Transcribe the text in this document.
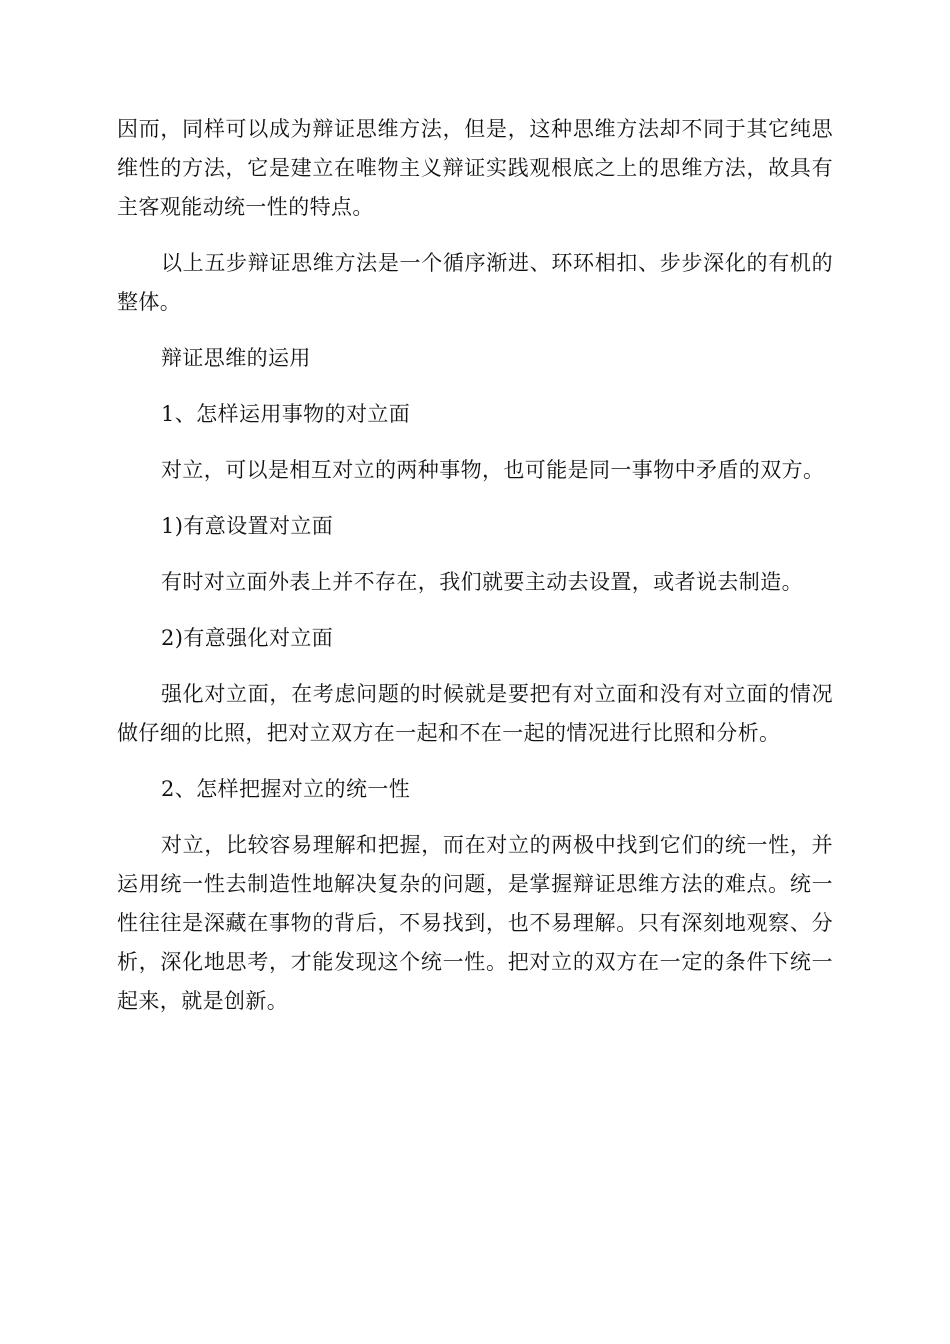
因而，同样可以成为辩证思维方法，但是，这种思维方法却不同于其它纯思维性的方法，它是建立在唯物主义辩证实践观根底之上的思维方法，故具有主客观能动统一性的特点。

以上五步辩证思维方法是一个循序渐进、环环相扣、步步深化的有机的整体。

辩证思维的运用

1、怎样运用事物的对立面

对立，可以是相互对立的两种事物，也可能是同一事物中矛盾的双方。

1)有意设置对立面

有时对立面外表上并不存在，我们就要主动去设置，或者说去制造。

2)有意强化对立面

强化对立面，在考虑问题的时候就是要把有对立面和没有对立面的情况做仔细的比照，把对立双方在一起和不在一起的情况进行比照和分析。

2、怎样把握对立的统一性

对立，比较容易理解和把握，而在对立的两极中找到它们的统一性，并运用统一性去制造性地解决复杂的问题，是掌握辩证思维方法的难点。统一性往往是深藏在事物的背后，不易找到，也不易理解。只有深刻地观察、分析，深化地思考，才能发现这个统一性。把对立的双方在一定的条件下统一起来，就是创新。
